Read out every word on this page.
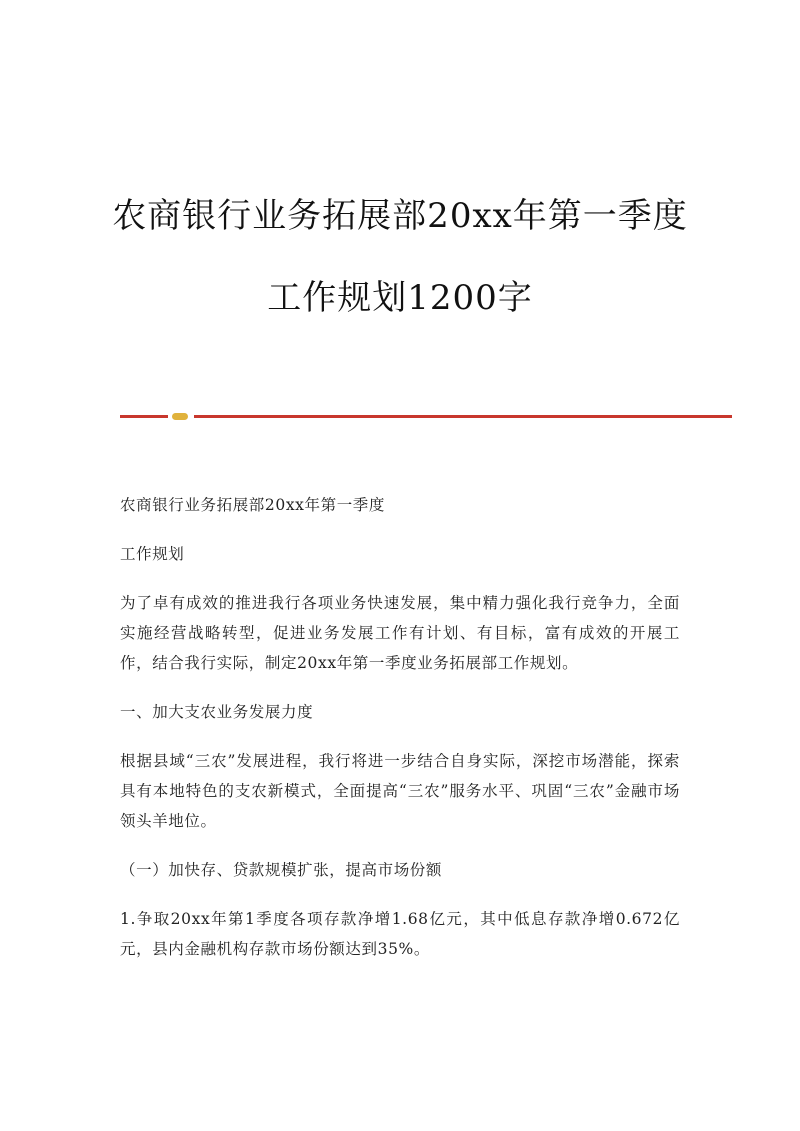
农商银行业务拓展部20xx年第一季度
工作规划1200字

农商银行业务拓展部20xx年第一季度

工作规划

为了卓有成效的推进我行各项业务快速发展，集中精力强化我行竞争力，全面实施经营战略转型，促进业务发展工作有计划、有目标，富有成效的开展工作，结合我行实际，制定20xx年第一季度业务拓展部工作规划。

一、加大支农业务发展力度

根据县域“三农”发展进程，我行将进一步结合自身实际，深挖市场潜能，探索具有本地特色的支农新模式，全面提高“三农”服务水平、巩固“三农”金融市场领头羊地位。

（一）加快存、贷款规模扩张，提高市场份额

1.争取20xx年第1季度各项存款净增1.68亿元，其中低息存款净增0.672亿元，县内金融机构存款市场份额达到35%。
